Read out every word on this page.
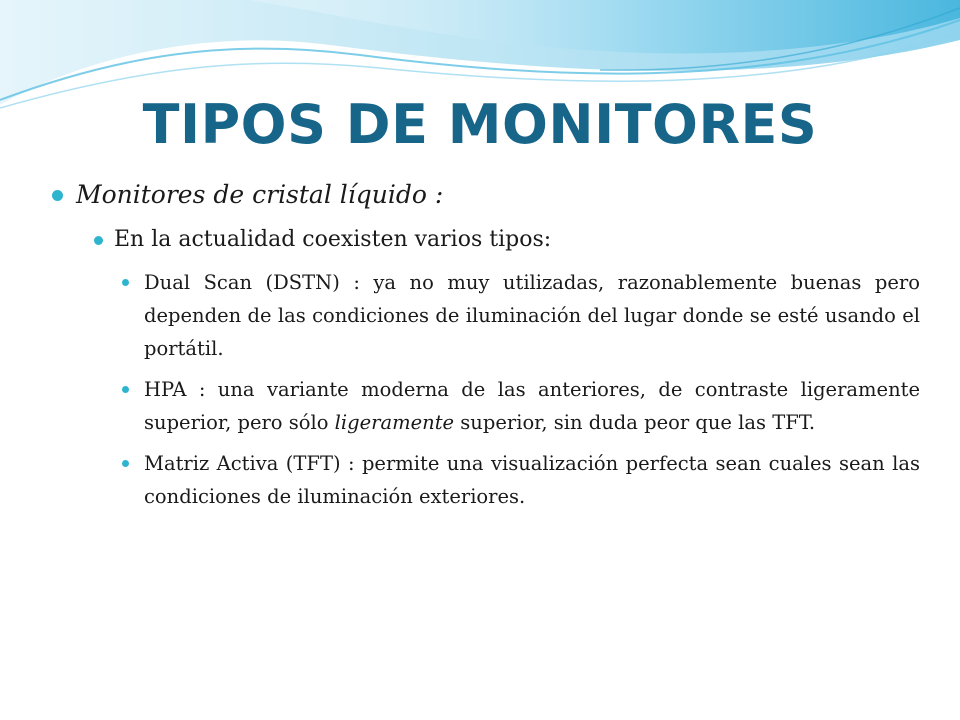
TIPOS DE MONITORES
Monitores de cristal líquido :
En la actualidad coexisten varios tipos:
Dual Scan (DSTN) : ya no muy utilizadas, razonablemente buenas pero dependen de las condiciones de iluminación del lugar donde se esté usando el portátil.
HPA : una variante moderna de las anteriores, de contraste ligeramente superior, pero sólo ligeramente superior, sin duda peor que las TFT.
Matriz Activa (TFT) : permite una visualización perfecta sean cuales sean las condiciones de iluminación exteriores.
